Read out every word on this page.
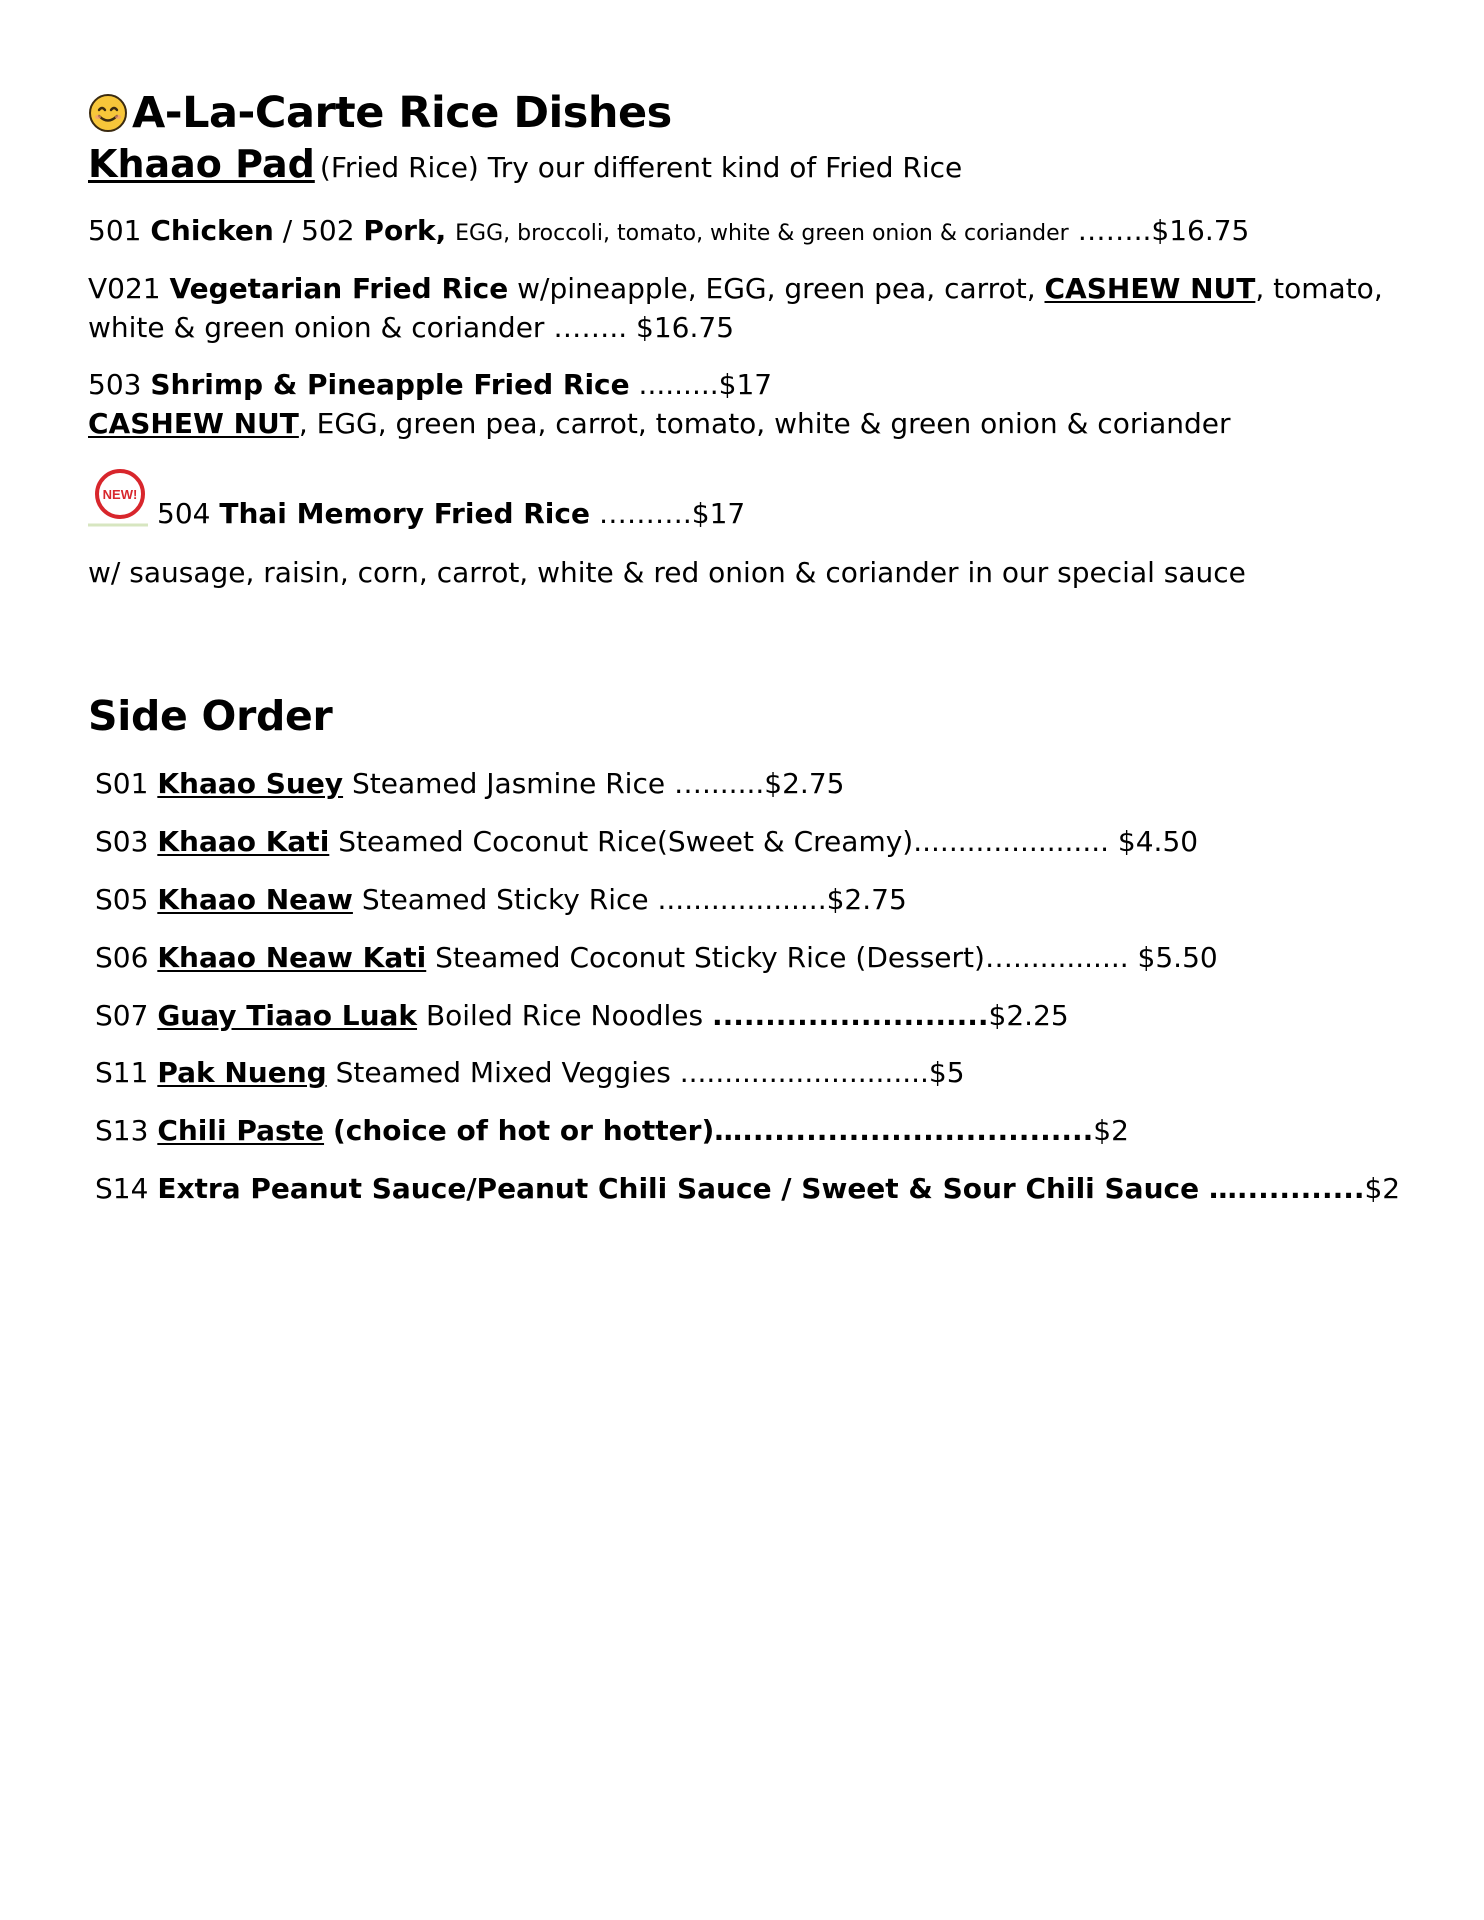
A-La-Carte Rice Dishes
Khaao Pad (Fried Rice) Try our different kind of Fried Rice
501 Chicken / 502 Pork, EGG, broccoli, tomato, white & green onion & coriander ……..$16.75
V021 Vegetarian Fried Rice w/pineapple, EGG, green pea, carrot, CASHEW NUT, tomato,
white & green onion & coriander …….. $16.75
503 Shrimp & Pineapple Fried Rice .........$17
CASHEW NUT, EGG, green pea, carrot, tomato, white & green onion & coriander
NEW!
504 Thai Memory Fried Rice ……….$17
w/ sausage, raisin, corn, carrot, white & red onion & coriander in our special sauce
Side Order
S01 Khaao Suey Steamed Jasmine Rice ….......$2.75
S03 Khaao Kati Steamed Coconut Rice(Sweet & Creamy)...................... $4.50
S05 Khaao Neaw Steamed Sticky Rice ...................$2.75
S06 Khaao Neaw Kati Steamed Coconut Sticky Rice (Dessert)…............. $5.50
S07 Guay Tiaao Luak Boiled Rice Noodles ..........................$2.25
S11 Pak Nueng Steamed Mixed Veggies ............................$5
S13 Chili Paste (choice of hot or hotter)….................................$2
S14 Extra Peanut Sauce/Peanut Chili Sauce / Sweet & Sour Chili Sauce …............$2
